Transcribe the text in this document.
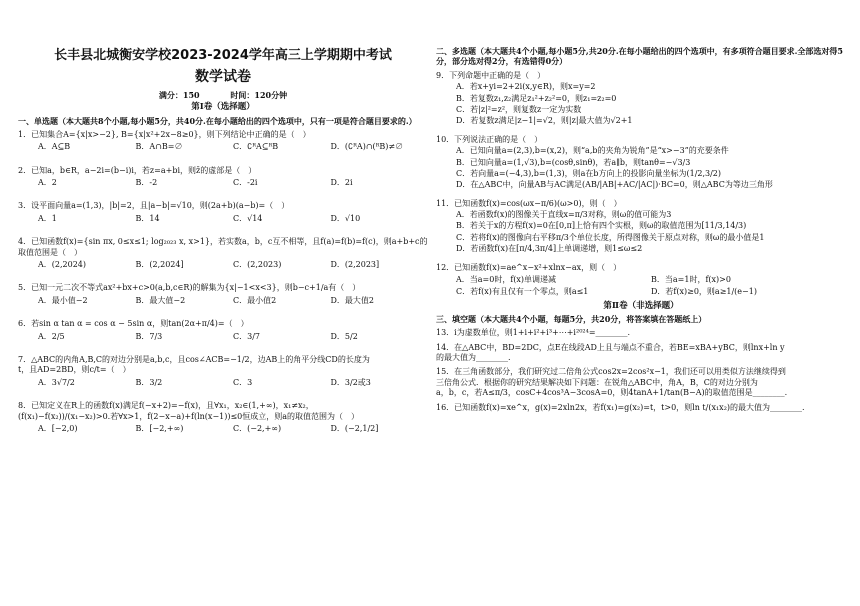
长丰县北城衡安学校2023-2024学年高三上学期期中考试
数学试卷
满分：150	时间：120分钟
第Ⅰ卷（选择题）
一、单选题（本大题共8个小题,每小题5分，共40分.在每小题给出的四个选项中，只有一项是符合题目要求的.）
1．已知集合A={x|x>−2}, B={x|x²+2x−8≥0}，则下列结论中正确的是（　）
A．A⊆B	B．A∩B=∅	C．∁ᴿA⊆ᴿB	D．(∁ᴿA)∩(ᴿB)≠∅
2．已知a，b∈R，a−2i=(b−i)i，若z=a+bi，则z̄的虚部是（　）
A．2	B．-2	C．-2i	D．2i
3．设平面向量a=(1,3)，|b|=2，且|a−b|=√10，则(2a+b)(a−b)=（　）
A．1	B．14	C．√14	D．√10
4．已知函数f(x)={sin πx, 0≤x≤1; log₂₀₂₃ x, x>1}，若实数a，b，c互不相等，且f(a)=f(b)=f(c)，则a+b+c的
取值范围是（　）
A．(2,2024)	B．(2,2024]	C．(2,2023)	D．(2,2023]
5．已知一元二次不等式ax²+bx+c>0(a,b,c∈R)的解集为{x|−1<x<3}，则b−c+1/a有（　）
A．最小值−2	B．最大值−2	C．最小值2	D．最大值2
6．若sin α tan α = cos α − 5sin α，则tan(2α+π/4)=（　）
A．2/5	B．7/3	C．3/7	D．5/2
7．△ABC的内角A,B,C的对边分别是a,b,c，且cos∠ACB=−1/2，边AB上的角平分线CD的长度为
t，且AD=2BD，则c/t=（　）
A．3√7/2	B．3/2	C．3	D．3/2或3
8．已知定义在R上的函数f(x)满足f(−x+2)=−f(x)，且∀x₁，x₂∈(1,+∞)，x₁≠x₂，
(f(x₁)−f(x₂))/(x₁−x₂)>0.若∀x>1，f(2−x−a)+f(ln(x−1))≤0恒成立，则a的取值范围为（　）
A．[−2,0)	B．[−2,+∞)	C．(−2,+∞)	D．(−2,1/2]
二、多选题（本大题共4个小题,每小题5分,共20分.在每小题给出的四个选项中，有多项符合题目要求.全部选对得5分，部分选对得2分，有选错得0分）
9．下列命题中正确的是（　）
A．若x+yi=2+2i(x,y∈R)，则x=y=2
B．若复数z₁,z₂满足z₁²+z₂²=0，则z₁=z₂=0
C．若|z|²=z²，则复数z一定为实数
D．若复数z满足|z−1|=√2，则|z|最大值为√2+1
10．下列说法正确的是（　）
A．已知向量a=(2,3),b=(x,2)，则“a,b的夹角为锐角”是“x>−3”的充要条件
B．已知向量a=(1,√3),b=(cosθ,sinθ)，若a∥b，则tanθ=−√3/3
C．若向量a=(−4,3),b=(1,3)，则a在b方向上的投影向量坐标为(1/2,3/2)
D．在△ABC中，向量AB与AC满足(AB/|AB|+AC/|AC|)·BC=0，则△ABC为等边三角形
11．已知函数f(x)=cos(ωx−π/6)(ω>0)，则（　）
A．若函数f(x)的图像关于直线x=π/3对称，则ω的值可能为3
B．若关于x的方程f(x)=0在[0,π]上恰有四个实根，则ω的取值范围为[11/3,14/3)
C．若将f(x)的图像向右平移π/3个单位长度，所得图像关于原点对称，则ω的最小值是1
D．若函数f(x)在[π/4,3π/4]上单调递增，则1≤ω≤2
12．已知函数f(x)=ae^x−x²+xlnx−ax，则（　）
A．当a=0时，f(x)单调递减	B．当a=1时，f(x)>0
C．若f(x)有且仅有一个零点，则a≤1	D．若f(x)≥0，则a≥1/(e−1)
第Ⅱ卷（非选择题）
三、填空题（本大题共4个小题，每题5分，共20分，将答案填在答题纸上）
13．i为虚数单位，则1+i+i²+i³+⋯+i²⁰²⁴=________.
14．在△ABC中，BD=2DC，点E在线段AD上且与端点不重合，若BE=xBA+yBC，则lnx+ln y
的最大值为________.
15．在三角函数部分，我们研究过二倍角公式cos2x=2cos²x−1，我们还可以用类似方法继续得到
三倍角公式．根据你的研究结果解决如下问题：在锐角△ABC中，角A，B，C的对边分别为
a，b，c，若A≤π/3，cosC+4cos³A−3cosA=0，则4tanA+1/tan(B−A)的取值范围是________.
16．已知函数f(x)=xe^x，g(x)=2xln2x，若f(x₁)=g(x₂)=t，t>0，则ln t/(x₁x₂)的最大值为________.
